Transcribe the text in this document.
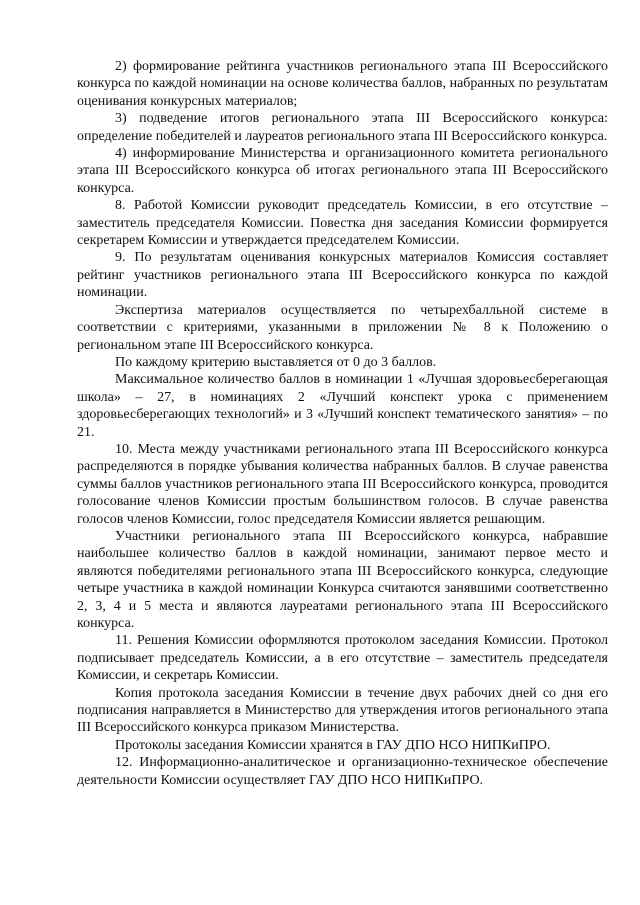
2) формирование рейтинга участников регионального этапа III Всероссийского конкурса по каждой номинации на основе количества баллов, набранных по результатам оценивания конкурсных материалов;

3) подведение итогов регионального этапа III Всероссийского конкурса: определение победителей и лауреатов регионального этапа III Всероссийского конкурса.

4) информирование Министерства и организационного комитета регионального этапа III Всероссийского конкурса об итогах регионального этапа III Всероссийского конкурса.

8. Работой Комиссии руководит председатель Комиссии, в его отсутствие – заместитель председателя Комиссии. Повестка дня заседания Комиссии формируется секретарем Комиссии и утверждается председателем Комиссии.

9. По результатам оценивания конкурсных материалов Комиссия составляет рейтинг участников регионального этапа III Всероссийского конкурса по каждой номинации.

Экспертиза материалов осуществляется по четырехбалльной системе в соответствии с критериями, указанными в приложении № 8 к Положению о региональном этапе III Всероссийского конкурса.

По каждому критерию выставляется от 0 до 3 баллов.

Максимальное количество баллов в номинации 1 «Лучшая здоровьесберегающая школа» – 27, в номинациях 2 «Лучший конспект урока с применением здоровьесберегающих технологий» и 3 «Лучший конспект тематического занятия» – по 21.

10. Места между участниками регионального этапа III Всероссийского конкурса распределяются в порядке убывания количества набранных баллов. В случае равенства суммы баллов участников регионального этапа III Всероссийского конкурса, проводится голосование членов Комиссии простым большинством голосов. В случае равенства голосов членов Комиссии, голос председателя Комиссии является решающим.

Участники регионального этапа III Всероссийского конкурса, набравшие наибольшее количество баллов в каждой номинации, занимают первое место и являются победителями регионального этапа III Всероссийского конкурса, следующие четыре участника в каждой номинации Конкурса считаются занявшими соответственно 2, 3, 4 и 5 места и являются лауреатами регионального этапа III Всероссийского конкурса.

11. Решения Комиссии оформляются протоколом заседания Комиссии. Протокол подписывает председатель Комиссии, а в его отсутствие – заместитель председателя Комиссии, и секретарь Комиссии.

Копия протокола заседания Комиссии в течение двух рабочих дней со дня его подписания направляется в Министерство для утверждения итогов регионального этапа III Всероссийского конкурса приказом Министерства.

Протоколы заседания Комиссии хранятся в ГАУ ДПО НСО НИПКиПРО.

12. Информационно-аналитическое и организационно-техническое обеспечение деятельности Комиссии осуществляет ГАУ ДПО НСО НИПКиПРО.
